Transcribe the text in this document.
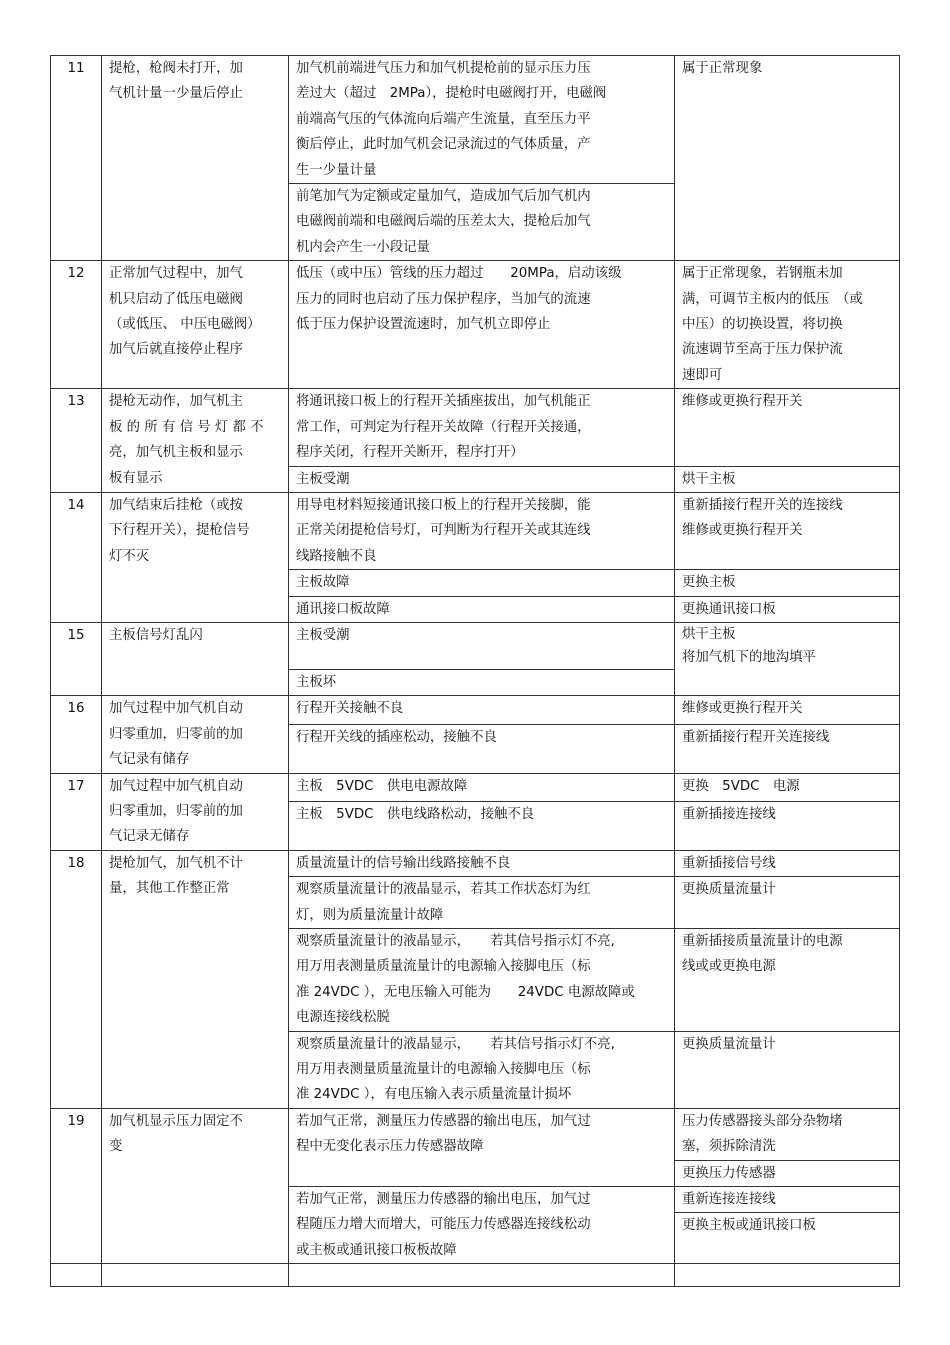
11	提枪，枪阀未打开，加
气机计量一少量后停止	加气机前端进气压力和加气机提枪前的显示压力压
差过大（超过　2MPa），提枪时电磁阀打开，电磁阀
前端高气压的气体流向后端产生流量，直至压力平
衡后停止，此时加气机会记录流过的气体质量，产
生一少量计量	属于正常现象

		前笔加气为定额或定量加气，造成加气后加气机内
电磁阀前端和电磁阀后端的压差太大，提枪后加气
机内会产生一小段记量	

12	正常加气过程中，加气
机只启动了低压电磁阀
（或低压、 中压电磁阀）
加气后就直接停止程序	低压（或中压）管线的压力超过　　20MPa，启动该级
压力的同时也启动了压力保护程序，当加气的流速
低于压力保护设置流速时，加气机立即停止	属于正常现象，若钢瓶未加
满，可调节主板内的低压　（或
中压）的切换设置，将切换
流速调节至高于压力保护流
速即可

13	提枪无动作，加气机主
板 的 所 有 信 号 灯 都 不
亮，加气机主板和显示
板有显示	将通讯接口板上的行程开关插座拔出，加气机能正
常工作，可判定为行程开关故障（行程开关接通，
程序关闭，行程开关断开，程序打开）	维修或更换行程开关

		主板受潮	烘干主板

14	加气结束后挂枪（或按
下行程开关），提枪信号
灯不灭	用导电材料短接通讯接口板上的行程开关接脚，能
正常关闭提枪信号灯，可判断为行程开关或其连线
线路接触不良	重新插接行程开关的连接线
维修或更换行程开关

		主板故障	更换主板

		通讯接口板故障	更换通讯接口板

15	主板信号灯乱闪	主板受潮	烘干主板
将加气机下的地沟填平

		主板坏	

16	加气过程中加气机自动
归零重加，归零前的加
气记录有储存	行程开关接触不良	维修或更换行程开关

		行程开关线的插座松动，接触不良	重新插接行程开关连接线

17	加气过程中加气机自动
归零重加，归零前的加
气记录无储存	主板　5VDC　供电电源故障	更换　5VDC　电源

		主板　5VDC　供电线路松动，接触不良	重新插接连接线

18	提枪加气，加气机不计
量，其他工作整正常	质量流量计的信号输出线路接触不良	重新插接信号线

		观察质量流量计的液晶显示，若其工作状态灯为红
灯，则为质量流量计故障	更换质量流量计

		观察质量流量计的液晶显示，　　若其信号指示灯不亮,
用万用表测量质量流量计的电源输入接脚电压（标
准 24VDC ），无电压输入可能为　　24VDC 电源故障或
电源连接线松脱	重新插接质量流量计的电源
线或或更换电源

		观察质量流量计的液晶显示，　　若其信号指示灯不亮,
用万用表测量质量流量计的电源输入接脚电压（标
准 24VDC ），有电压输入表示质量流量计损坏	更换质量流量计

19	加气机显示压力固定不
变	若加气正常，测量压力传感器的输出电压，加气过
程中无变化表示压力传感器故障	压力传感器接头部分杂物堵
塞，须拆除清洗

			更换压力传感器

		若加气正常，测量压力传感器的输出电压，加气过
程随压力增大而增大，可能压力传感器连接线松动
或主板或通讯接口板板故障	重新连接连接线

			更换主板或通讯接口板
